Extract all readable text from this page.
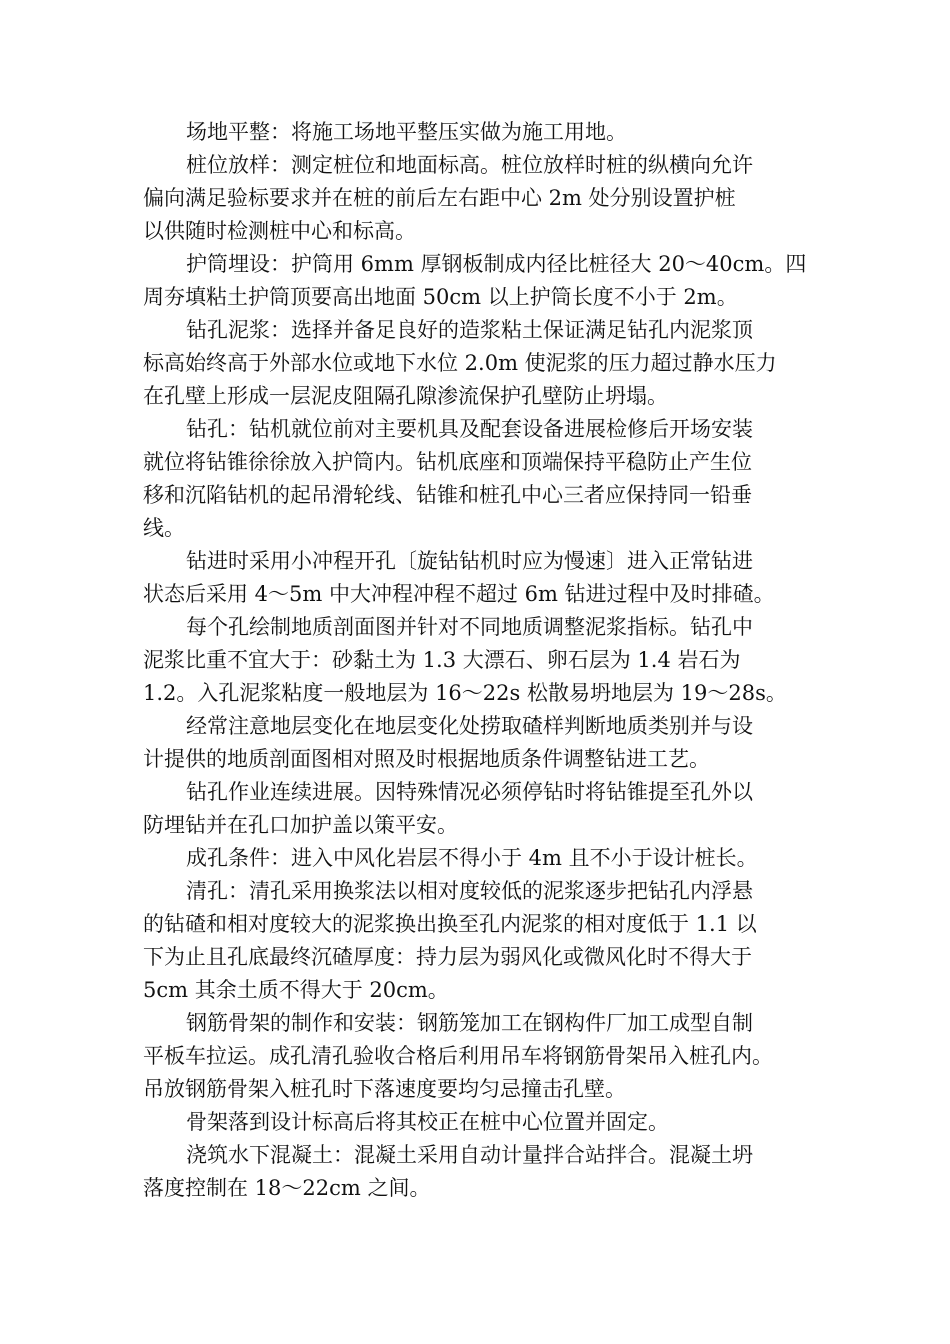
场地平整：将施工场地平整压实做为施工用地。
桩位放样：测定桩位和地面标高。桩位放样时桩的纵横向允许
偏向满足验标要求并在桩的前后左右距中心 2m 处分别设置护桩
以供随时检测桩中心和标高。
护筒埋设：护筒用 6mm 厚钢板制成内径比桩径大 20～40cm。四
周夯填粘土护筒顶要高出地面 50cm 以上护筒长度不小于 2m。
钻孔泥浆：选择并备足良好的造浆粘土保证满足钻孔内泥浆顶
标高始终高于外部水位或地下水位 2.0m 使泥浆的压力超过静水压力
在孔壁上形成一层泥皮阻隔孔隙渗流保护孔壁防止坍塌。
钻孔：钻机就位前对主要机具及配套设备进展检修后开场安装
就位将钻锥徐徐放入护筒内。钻机底座和顶端保持平稳防止产生位
移和沉陷钻机的起吊滑轮线、钻锥和桩孔中心三者应保持同一铅垂
线。
钻进时采用小冲程开孔〔旋钻钻机时应为慢速〕进入正常钻进
状态后采用 4～5m 中大冲程冲程不超过 6m 钻进过程中及时排碴。
每个孔绘制地质剖面图并针对不同地质调整泥浆指标。钻孔中
泥浆比重不宜大于：砂黏土为 1.3 大漂石、卵石层为 1.4 岩石为
1.2。入孔泥浆粘度一般地层为 16～22s 松散易坍地层为 19～28s。
经常注意地层变化在地层变化处捞取碴样判断地质类别并与设
计提供的地质剖面图相对照及时根据地质条件调整钻进工艺。
钻孔作业连续进展。因特殊情况必须停钻时将钻锥提至孔外以
防埋钻并在孔口加护盖以策平安。
成孔条件：进入中风化岩层不得小于 4m 且不小于设计桩长。
清孔：清孔采用换浆法以相对度较低的泥浆逐步把钻孔内浮悬
的钻碴和相对度较大的泥浆换出换至孔内泥浆的相对度低于 1.1 以
下为止且孔底最终沉碴厚度：持力层为弱风化或微风化时不得大于
5cm 其余土质不得大于 20cm。
钢筋骨架的制作和安装：钢筋笼加工在钢构件厂加工成型自制
平板车拉运。成孔清孔验收合格后利用吊车将钢筋骨架吊入桩孔内。
吊放钢筋骨架入桩孔时下落速度要均匀忌撞击孔壁。
骨架落到设计标高后将其校正在桩中心位置并固定。
浇筑水下混凝土：混凝土采用自动计量拌合站拌合。混凝土坍
落度控制在 18～22cm 之间。
